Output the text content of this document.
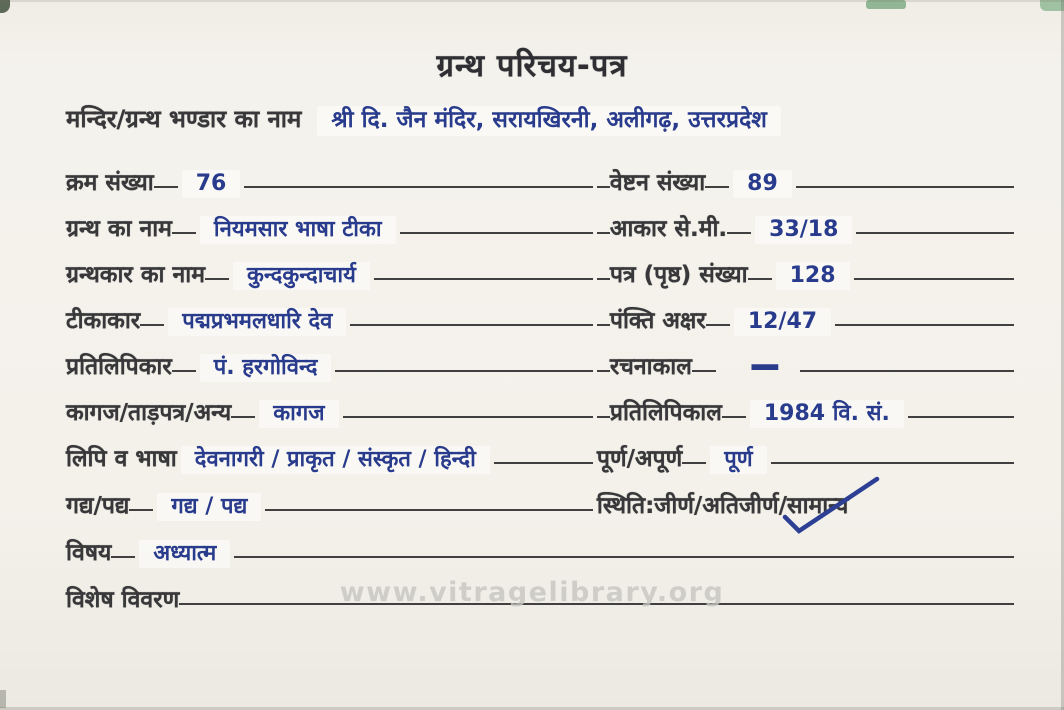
ग्रन्थ परिचय-पत्र
मन्दिर/ग्रन्थ भण्डार का नाम	श्री दि. जैन मंदिर, सरायखिरनी, अलीगढ़, उत्तरप्रदेश
क्रम संख्या	76	वेष्टन संख्या	89
ग्रन्थ का नाम	नियमसार भाषा टीका	आकार से.मी.	33/18
ग्रन्थकार का नाम	कुन्दकुन्दाचार्य	पत्र (पृष्ठ) संख्या	128
टीकाकार	पद्मप्रभमलधारि देव	पंक्ति अक्षर	12/47
प्रतिलिपिकार	पं. हरगोविन्द	रचनाकाल	—
कागज/ताड़पत्र/अन्य	कागज	प्रतिलिपिकाल	1984 वि. सं.
लिपि व भाषा देवनागरी / प्राकृत / संस्कृत / हिन्दी	पूर्ण/अपूर्ण	पूर्ण
गद्य/पद्य	गद्य / पद्य	स्थिति:जीर्ण/अतिजीर्ण/ सामान्य
विषय	अध्यात्म
विशेष विवरण	www.vitragelibrary.org
